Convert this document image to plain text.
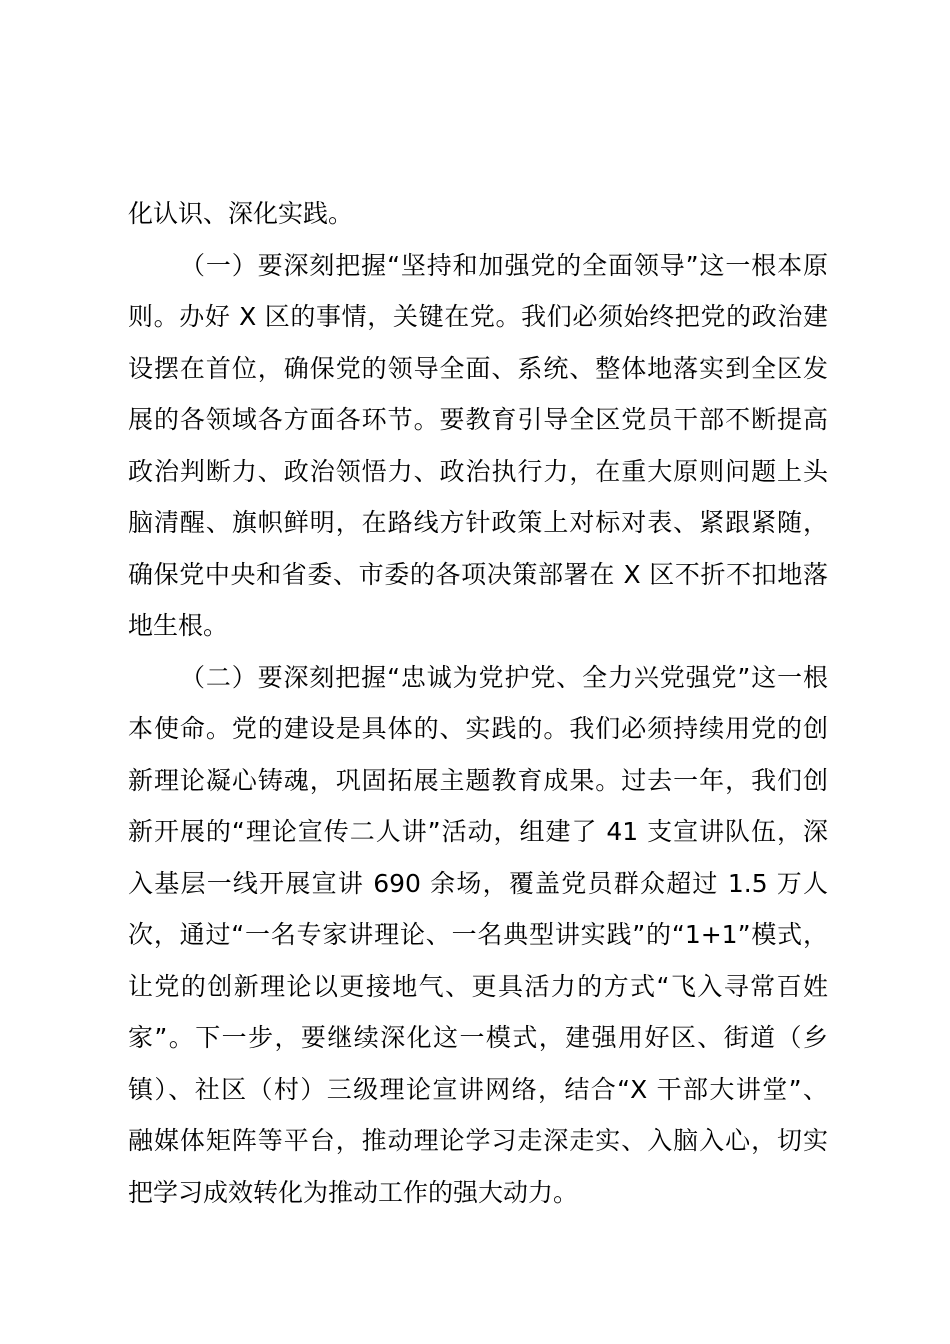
化认识、深化实践。
（一）要深刻把握“坚持和加强党的全面领导”这一根本原
则。办好 X 区的事情，关键在党。我们必须始终把党的政治建
设摆在首位，确保党的领导全面、系统、整体地落实到全区发
展的各领域各方面各环节。要教育引导全区党员干部不断提高
政治判断力、政治领悟力、政治执行力，在重大原则问题上头
脑清醒、旗帜鲜明，在路线方针政策上对标对表、紧跟紧随，
确保党中央和省委、市委的各项决策部署在 X 区不折不扣地落
地生根。
（二）要深刻把握“忠诚为党护党、全力兴党强党”这一根
本使命。党的建设是具体的、实践的。我们必须持续用党的创
新理论凝心铸魂，巩固拓展主题教育成果。过去一年，我们创
新开展的“理论宣传二人讲”活动，组建了 41 支宣讲队伍，深
入基层一线开展宣讲 690 余场，覆盖党员群众超过 1.5 万人
次，通过“一名专家讲理论、一名典型讲实践”的“1+1”模式，
让党的创新理论以更接地气、更具活力的方式“飞入寻常百姓
家”。下一步，要继续深化这一模式，建强用好区、街道（乡
镇）、社区（村）三级理论宣讲网络，结合“X 干部大讲堂”、
融媒体矩阵等平台，推动理论学习走深走实、入脑入心，切实
把学习成效转化为推动工作的强大动力。
